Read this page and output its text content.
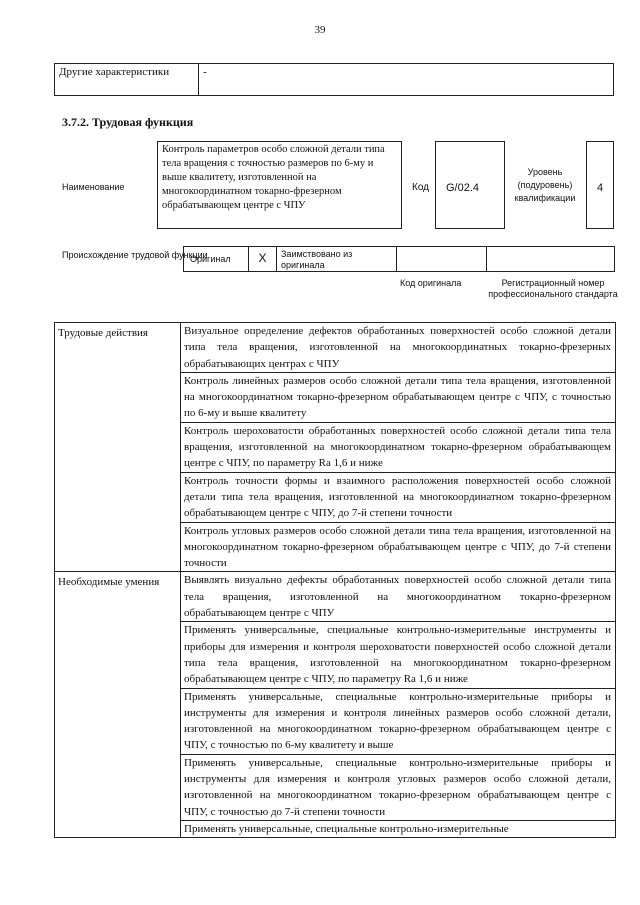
39
Другие характеристики	-
3.7.2. Трудовая функция
Наименование
Контроль параметров особо сложной детали типа тела вращения с точностью размеров по 6-му и выше квалитету, изготовленной на многокоординатном токарно-фрезерном обрабатывающем центре с ЧПУ
Код	G/02.4
Уровень (подуровень) квалификации
4
Происхождение трудовой функции
Оригинал	X	Заимствовано из оригинала
Код оригинала	Регистрационный номер профессионального стандарта
Трудовые действия	Визуальное определение дефектов обработанных поверхностей особо сложной детали типа тела вращения, изготовленной на многокоординатных токарно-фрезерных обрабатывающих центрах с ЧПУ
	Контроль линейных размеров особо сложной детали типа тела вращения, изготовленной на многокоординатном токарно-фрезерном обрабатывающем центре с ЧПУ, с точностью по 6-му и выше квалитету
	Контроль шероховатости обработанных поверхностей особо сложной детали типа тела вращения, изготовленной на многокоординатном токарно-фрезерном обрабатывающем центре с ЧПУ, по параметру Ra 1,6 и ниже
	Контроль точности формы и взаимного расположения поверхностей особо сложной детали типа тела вращения, изготовленной на многокоординатном токарно-фрезерном обрабатывающем центре с ЧПУ, до 7-й степени точности
	Контроль угловых размеров особо сложной детали типа тела вращения, изготовленной на многокоординатном токарно-фрезерном обрабатывающем центре с ЧПУ, до 7-й степени точности
Необходимые умения	Выявлять визуально дефекты обработанных поверхностей особо сложной детали типа тела вращения, изготовленной на многокоординатном токарно-фрезерном обрабатывающем центре с ЧПУ
	Применять универсальные, специальные контрольно-измерительные инструменты и приборы для измерения и контроля шероховатости поверхностей особо сложной детали типа тела вращения, изготовленной на многокоординатном токарно-фрезерном обрабатывающем центре с ЧПУ, по параметру Ra 1,6 и ниже
	Применять универсальные, специальные контрольно-измерительные приборы и инструменты для измерения и контроля линейных размеров особо сложной детали, изготовленной на многокоординатном токарно-фрезерном обрабатывающем центре с ЧПУ, с точностью по 6-му квалитету и выше
	Применять универсальные, специальные контрольно-измерительные приборы и инструменты для измерения и контроля угловых размеров особо сложной детали, изготовленной на многокоординатном токарно-фрезерном обрабатывающем центре с ЧПУ, с точностью до 7-й степени точности
	Применять универсальные, специальные контрольно-измерительные
